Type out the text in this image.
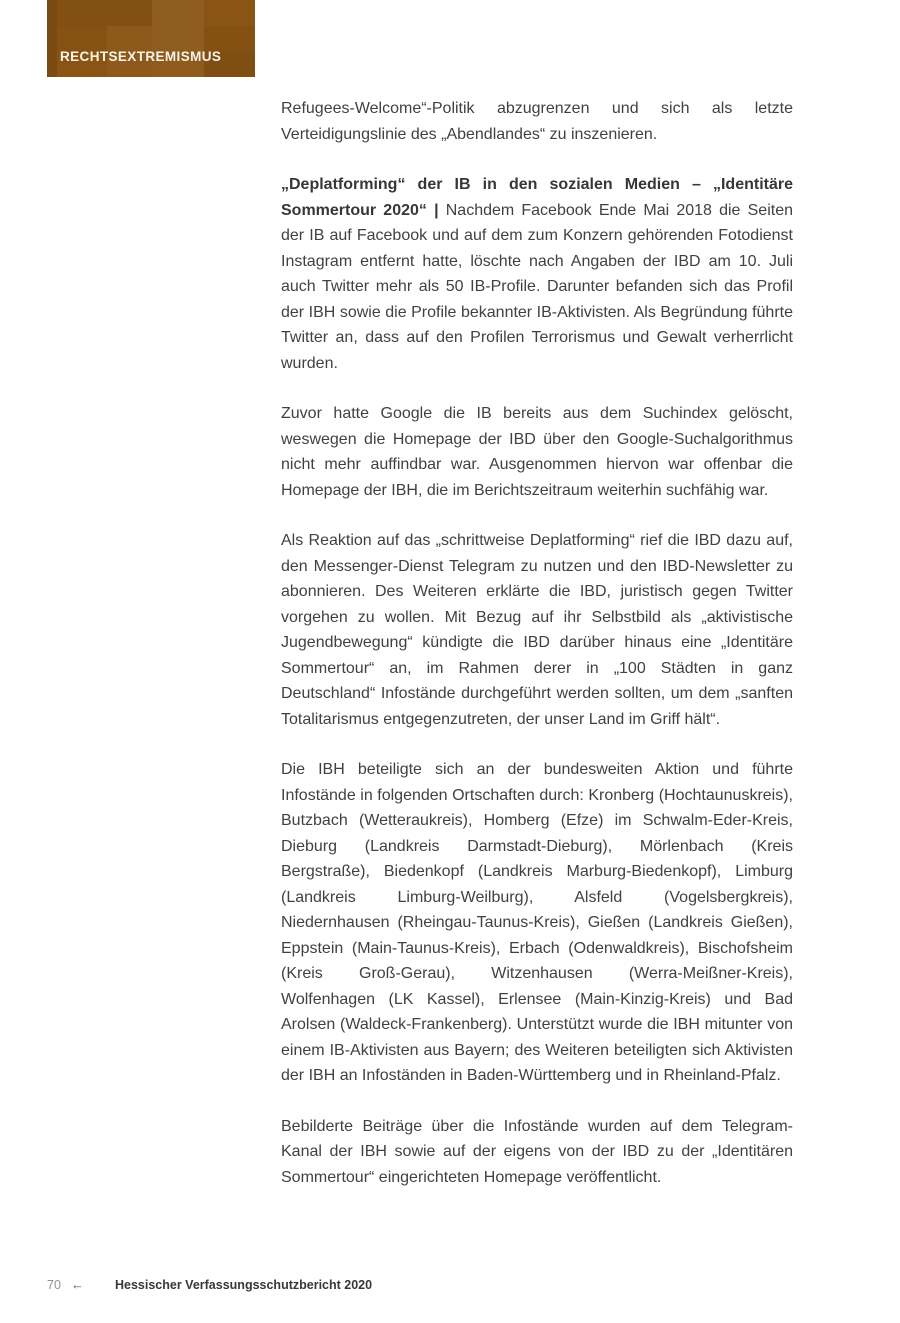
RECHTSEXTREMISMUS

Refugees-Welcome“-Politik abzugrenzen und sich als letzte Verteidigungslinie des „Abendlandes“ zu inszenieren.

„Deplatforming“ der IB in den sozialen Medien – „Identitäre Sommertour 2020“ | Nachdem Facebook Ende Mai 2018 die Seiten der IB auf Facebook und auf dem zum Konzern gehörenden Fotodienst Instagram entfernt hatte, löschte nach Angaben der IBD am 10. Juli auch Twitter mehr als 50 IB-Profile. Darunter befanden sich das Profil der IBH sowie die Profile bekannter IB-Aktivisten. Als Begründung führte Twitter an, dass auf den Profilen Terrorismus und Gewalt verherrlicht wurden.

Zuvor hatte Google die IB bereits aus dem Suchindex gelöscht, weswegen die Homepage der IBD über den Google-Suchalgorithmus nicht mehr auffindbar war. Ausgenommen hiervon war offenbar die Homepage der IBH, die im Berichtszeitraum weiterhin suchfähig war.

Als Reaktion auf das „schrittweise Deplatforming“ rief die IBD dazu auf, den Messenger-Dienst Telegram zu nutzen und den IBD-Newsletter zu abonnieren. Des Weiteren erklärte die IBD, juristisch gegen Twitter vorgehen zu wollen. Mit Bezug auf ihr Selbstbild als „aktivistische Jugendbewegung“ kündigte die IBD darüber hinaus eine „Identitäre Sommertour“ an, im Rahmen derer in „100 Städten in ganz Deutschland“ Infostände durchgeführt werden sollten, um dem „sanften Totalitarismus entgegenzutreten, der unser Land im Griff hält“.

Die IBH beteiligte sich an der bundesweiten Aktion und führte Infostände in folgenden Ortschaften durch: Kronberg (Hochtaunuskreis), Butzbach (Wetteraukreis), Homberg (Efze) im Schwalm-Eder-Kreis, Dieburg (Landkreis Darmstadt-Dieburg), Mörlenbach (Kreis Bergstraße), Biedenkopf (Landkreis Marburg-Biedenkopf), Limburg (Landkreis Limburg-Weilburg), Alsfeld (Vogelsbergkreis), Niedernhausen (Rheingau-Taunus-Kreis), Gießen (Landkreis Gießen), Eppstein (Main-Taunus-Kreis), Erbach (Odenwaldkreis), Bischofsheim (Kreis Groß-Gerau), Witzenhausen (Werra-Meißner-Kreis), Wolfenhagen (LK Kassel), Erlensee (Main-Kinzig-Kreis) und Bad Arolsen (Waldeck-Frankenberg). Unterstützt wurde die IBH mitunter von einem IB-Aktivisten aus Bayern; des Weiteren beteiligten sich Aktivisten der IBH an Infoständen in Baden-Württemberg und in Rheinland-Pfalz.

Bebilderte Beiträge über die Infostände wurden auf dem Telegram-Kanal der IBH sowie auf der eigens von der IBD zu der „Identitären Sommertour“ eingerichteten Homepage veröffentlicht.

70 ← Hessischer Verfassungsschutzbericht 2020
